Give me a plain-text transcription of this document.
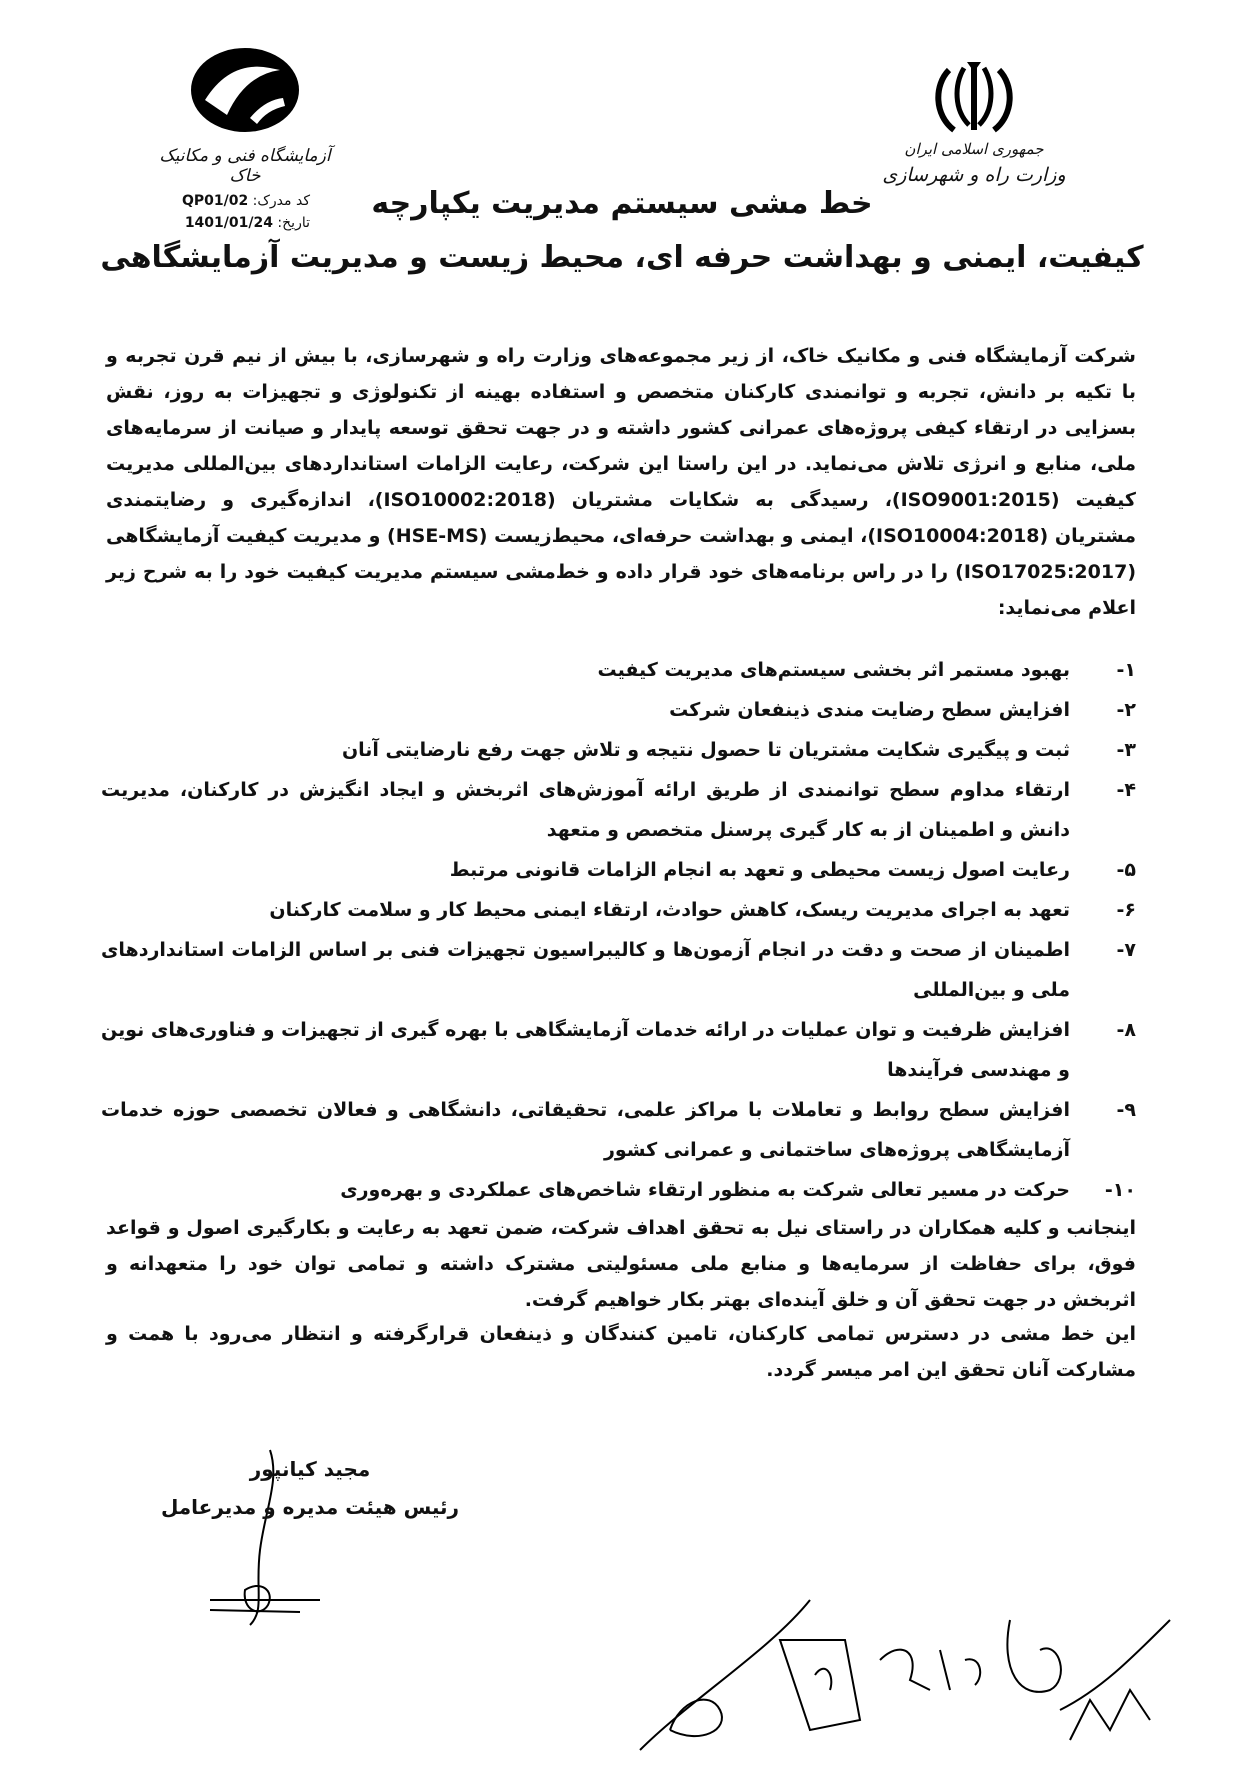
جمهوری اسلامی ایران
وزارت راه و شهرسازی
آزمایشگاه فنی و مکانیک خاک
کد مدرک: QP01/02
تاریخ: 1401/01/24
خط مشی سیستم مدیریت یکپارچه
کیفیت، ایمنی و بهداشت حرفه ای، محیط زیست و مدیریت آزمایشگاهی
شرکت آزمایشگاه فنی و مکانیک خاک، از زیر مجموعه‌های وزارت راه و شهرسازی، با بیش از نیم قرن تجربه و با تکیه بر دانش، تجربه و توانمندی کارکنان متخصص و استفاده بهینه از تکنولوژی و تجهیزات به روز، نقش بسزایی در ارتقاء کیفی پروژه‌های عمرانی کشور داشته و در جهت تحقق توسعه پایدار و صیانت از سرمایه‌های ملی، منابع و انرژی تلاش می‌نماید. در این راستا این شرکت، رعایت الزامات استانداردهای بین‌المللی مدیریت کیفیت (ISO9001:2015)، رسیدگی به شکایات مشتریان (ISO10002:2018)، اندازه‌گیری و رضایتمندی مشتریان (ISO10004:2018)، ایمنی و بهداشت حرفه‌ای، محیط‌زیست (HSE-MS) و مدیریت کیفیت آزمایشگاهی (ISO17025:2017) را در راس برنامه‌های خود قرار داده و خط‌مشی سیستم مدیریت کیفیت خود را به شرح زیر اعلام می‌نماید:
۱-
بهبود مستمر اثر بخشی سیستم‌های مدیریت کیفیت
۲-
افزایش سطح رضایت مندی ذینفعان شرکت
۳-
ثبت و پیگیری شکایت مشتریان تا حصول نتیجه و تلاش جهت رفع نارضایتی آنان
۴-
ارتقاء مداوم سطح توانمندی از طریق ارائه آموزش‌های اثربخش و ایجاد انگیزش در کارکنان، مدیریت دانش و اطمینان از به کار گیری پرسنل متخصص و متعهد
۵-
رعایت اصول زیست محیطی و تعهد به انجام الزامات قانونی مرتبط
۶-
تعهد به اجرای مدیریت ریسک، کاهش حوادث، ارتقاء ایمنی محیط کار و سلامت کارکنان
۷-
اطمینان از صحت و دقت در انجام آزمون‌ها و کالیبراسیون تجهیزات فنی بر اساس الزامات استانداردهای ملی و بین‌المللی
۸-
افزایش ظرفیت و توان عملیات در ارائه خدمات آزمایشگاهی با بهره گیری از تجهیزات و فناوری‌های نوین و مهندسی فرآیندها
۹-
افزایش سطح روابط و تعاملات با مراکز علمی، تحقیقاتی، دانشگاهی و فعالان تخصصی حوزه خدمات آزمایشگاهی پروژه‌های ساختمانی و عمرانی کشور
۱۰-
حرکت در مسیر تعالی شرکت به منظور ارتقاء شاخص‌های عملکردی و بهره‌وری
اینجانب و کلیه همکاران در راستای نیل به تحقق اهداف شرکت، ضمن تعهد به رعایت و بکارگیری اصول و قواعد فوق، برای حفاظت از سرمایه‌ها و منابع ملی مسئولیتی مشترک داشته و تمامی توان خود را متعهدانه و اثربخش در جهت تحقق آن و خلق آینده‌ای بهتر بکار خواهیم گرفت.
این خط مشی در دسترس تمامی کارکنان، تامین کنندگان و ذینفعان قرارگرفته و انتظار می‌رود با همت و مشارکت آنان تحقق این امر میسر گردد.
مجید کیانپور
رئیس هیئت مدیره و مدیرعامل
